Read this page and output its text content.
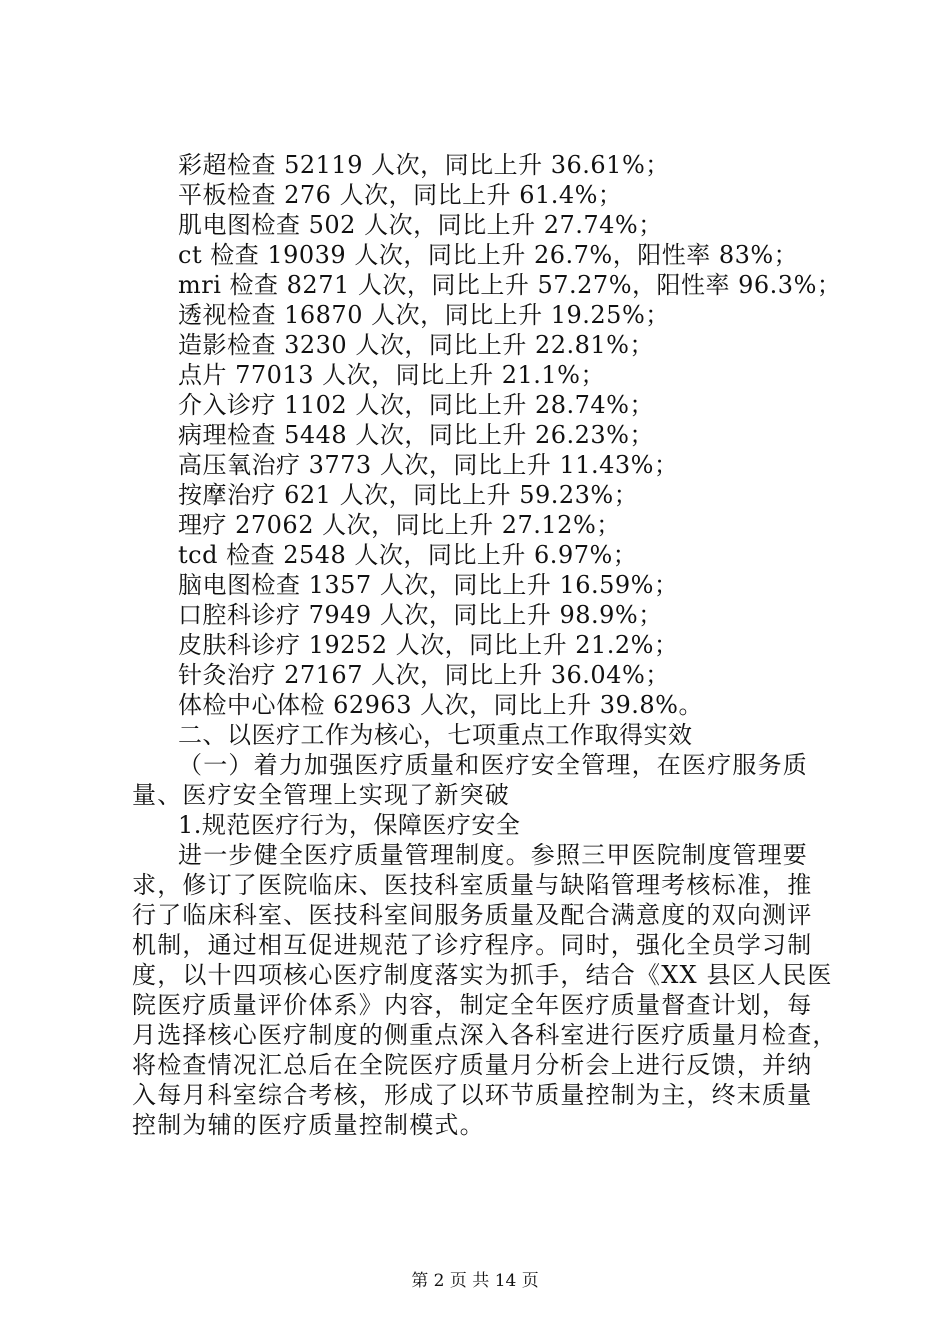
彩超检查 52119 人次，同比上升 36.61%；
平板检查 276 人次，同比上升 61.4%；
肌电图检查 502 人次，同比上升 27.74%；
ct 检查 19039 人次，同比上升 26.7%，阳性率 83%；
mri 检查 8271 人次，同比上升 57.27%，阳性率 96.3%；
透视检查 16870 人次，同比上升 19.25%；
造影检查 3230 人次，同比上升 22.81%；
点片 77013 人次，同比上升 21.1%；
介入诊疗 1102 人次，同比上升 28.74%；
病理检查 5448 人次，同比上升 26.23%；
高压氧治疗 3773 人次，同比上升 11.43%；
按摩治疗 621 人次，同比上升 59.23%；
理疗 27062 人次，同比上升 27.12%；
tcd 检查 2548 人次，同比上升 6.97%；
脑电图检查 1357 人次，同比上升 16.59%；
口腔科诊疗 7949 人次，同比上升 98.9%；
皮肤科诊疗 19252 人次，同比上升 21.2%；
针灸治疗 27167 人次，同比上升 36.04%；
体检中心体检 62963 人次，同比上升 39.8%。
二、以医疗工作为核心，七项重点工作取得实效
（一）着力加强医疗质量和医疗安全管理，在医疗服务质
量、医疗安全管理上实现了新突破
1.规范医疗行为，保障医疗安全
进一步健全医疗质量管理制度。参照三甲医院制度管理要
求，修订了医院临床、医技科室质量与缺陷管理考核标准，推
行了临床科室、医技科室间服务质量及配合满意度的双向测评
机制，通过相互促进规范了诊疗程序。同时，强化全员学习制
度，以十四项核心医疗制度落实为抓手，结合《XX 县区人民医
院医疗质量评价体系》内容，制定全年医疗质量督查计划，每
月选择核心医疗制度的侧重点深入各科室进行医疗质量月检查，
将检查情况汇总后在全院医疗质量月分析会上进行反馈，并纳
入每月科室综合考核，形成了以环节质量控制为主，终末质量
控制为辅的医疗质量控制模式。
第 2 页 共 14 页
